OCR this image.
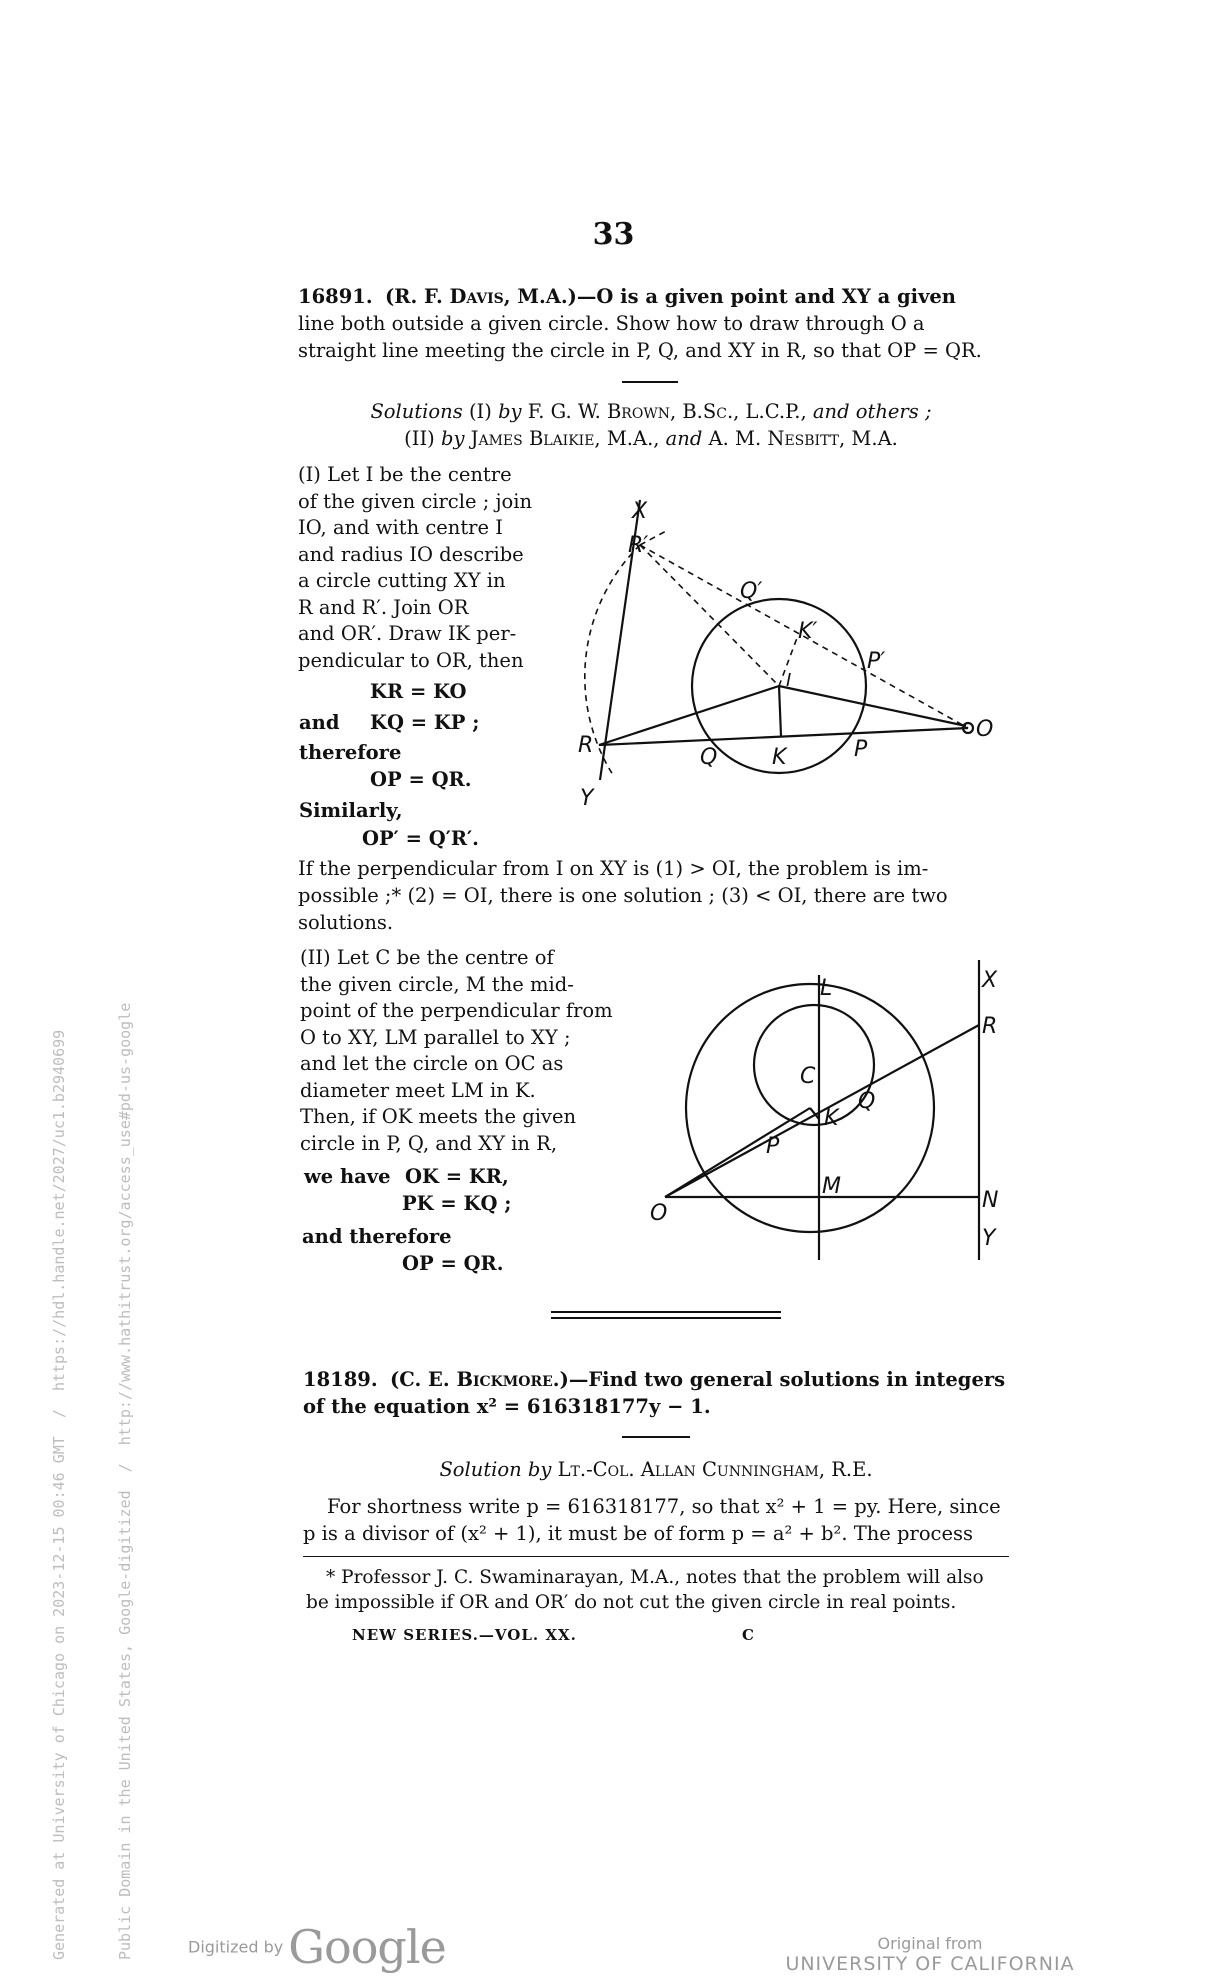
33
16891. (R. F. Davis, M.A.)—O is a given point and XY a given
line both outside a given circle. Show how to draw through O a
straight line meeting the circle in P, Q, and XY in R, so that OP = QR.
Solutions (I) by F. G. W. Brown, B.Sc., L.C.P., and others ;
(II) by James Blaikie, M.A., and A. M. Nesbitt, M.A.
(I) Let I be the centre
of the given circle ; join
IO, and with centre I
and radius IO describe
a circle cutting XY in
R and R′. Join OR
and OR′. Draw IK per-
pendicular to OR, then
KR = KO
and KQ = KP ;
therefore
OP = QR.
Similarly,
OP′ = Q′R′.
X
R′
Q′
K′
P′
I
O
R	Q K	P
Y
If the perpendicular from I on XY is (1) > OI, the problem is im-
possible ;* (2) = OI, there is one solution ; (3) < OI, there are two
solutions.
(II) Let C be the centre of
the given circle, M the mid-
point of the perpendicular from
O to XY, LM parallel to XY ;
and let the circle on OC as
diameter meet LM in K.
Then, if OK meets the given
circle in P, Q, and XY in R,
we have OK = KR,
PK = KQ ;
and therefore
OP = QR.
L	X
R
C
Q
K
P
O
M
N
Y
18189. (C. E. Bickmore.)—Find two general solutions in integers
of the equation x² = 616318177y − 1.
Solution by Lt.-Col. Allan Cunningham, R.E.
For shortness write p = 616318177, so that x² + 1 = py. Here, since
p is a divisor of (x² + 1), it must be of form p = a² + b². The process
* Professor J. C. Swaminarayan, M.A., notes that the problem will also
be impossible if OR and OR′ do not cut the given circle in real points.
NEW SERIES.—VOL. XX.	C

Generated at University of Chicago on 2023-12-15 00:46 GMT  /  https://hdl.handle.net/2027/uc1.b2940699

	Public Domain in the United States, Google-digitized  /  http://www.hathitrust.org/access_use#pd-us-google	Digitized by Google	Original from
UNIVERSITY OF CALIFORNIA
